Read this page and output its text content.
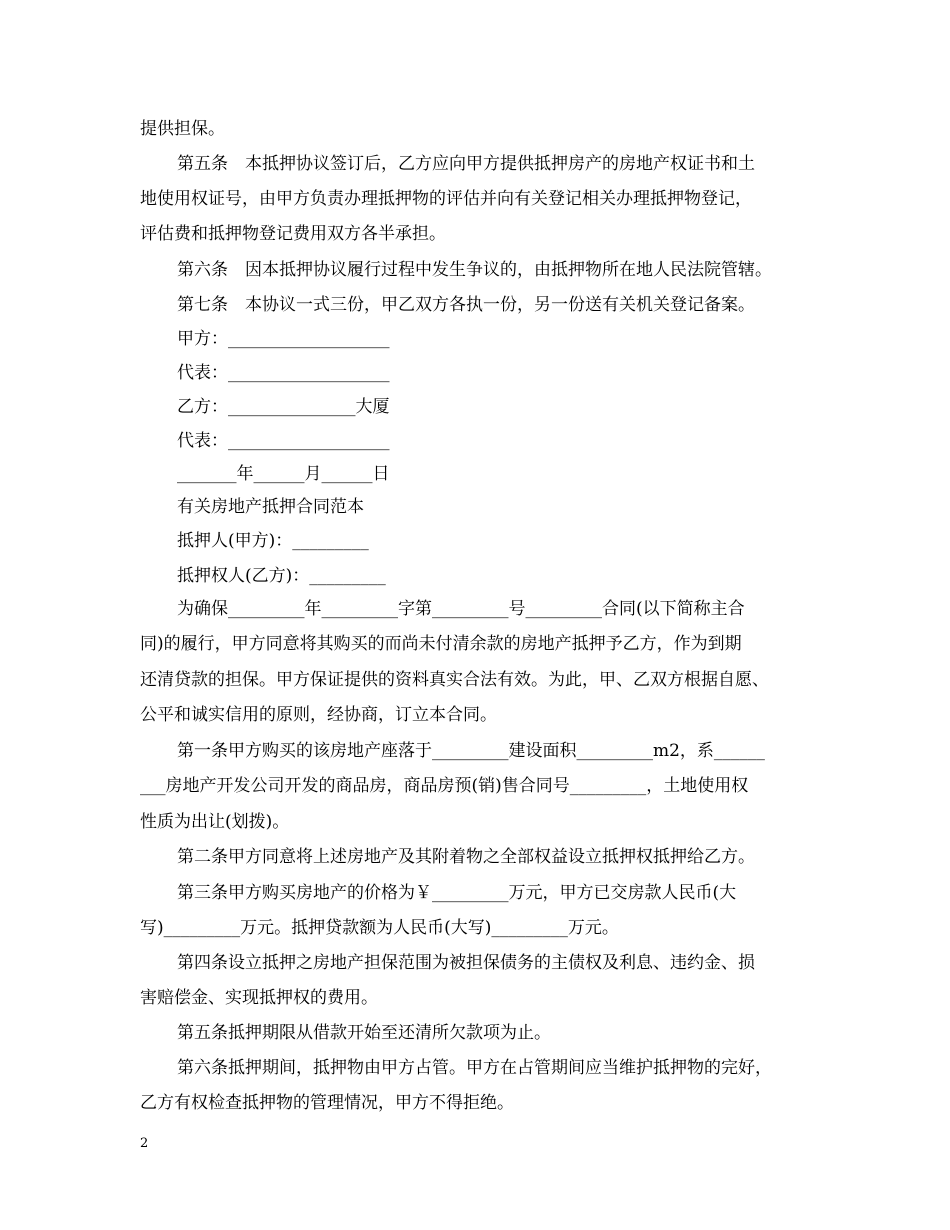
提供担保。
第五条　本抵押协议签订后，乙方应向甲方提供抵押房产的房地产权证书和土
地使用权证号，由甲方负责办理抵押物的评估并向有关登记相关办理抵押物登记，
评估费和抵押物登记费用双方各半承担。
第六条　因本抵押协议履行过程中发生争议的，由抵押物所在地人民法院管辖。
第七条　本协议一式三份，甲乙双方各执一份，另一份送有关机关登记备案。
甲方：___________________
代表：___________________
乙方：_______________大厦
代表：___________________
_______年______月______日
有关房地产抵押合同范本
抵押人(甲方)：_________
抵押权人(乙方)：_________
为确保_________年_________字第_________号_________合同(以下简称主合
同)的履行，甲方同意将其购买的而尚未付清余款的房地产抵押予乙方，作为到期
还清贷款的担保。甲方保证提供的资料真实合法有效。为此，甲、乙双方根据自愿、
公平和诚实信用的原则，经协商，订立本合同。
第一条甲方购买的该房地产座落于_________建设面积_________m2，系______
___房地产开发公司开发的商品房，商品房预(销)售合同号_________，土地使用权
性质为出让(划拨)。
第二条甲方同意将上述房地产及其附着物之全部权益设立抵押权抵押给乙方。
第三条甲方购买房地产的价格为￥_________万元，甲方已交房款人民币(大
写)_________万元。抵押贷款额为人民币(大写)_________万元。
第四条设立抵押之房地产担保范围为被担保债务的主债权及利息、违约金、损
害赔偿金、实现抵押权的费用。
第五条抵押期限从借款开始至还清所欠款项为止。
第六条抵押期间，抵押物由甲方占管。甲方在占管期间应当维护抵押物的完好，
乙方有权检查抵押物的管理情况，甲方不得拒绝。
2
